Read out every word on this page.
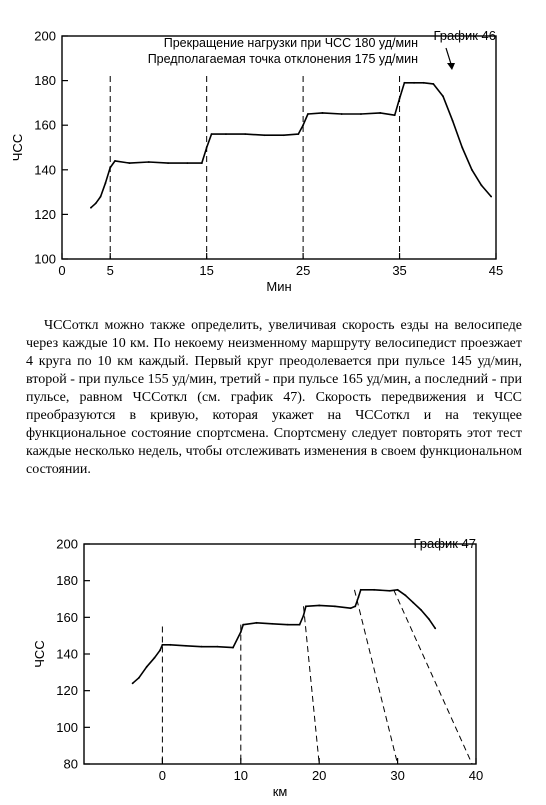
100
120
140
160
180
200
0	5	15	25	35	45
Мин
ЧСС
График 46
Прекращение нагрузки при ЧСС 180 уд/мин
Предполагаемая точка отклонения 175 уд/мин

ЧССоткл можно также определить, увеличивая скорость езды на велосипеде через каждые 10 км. По некоему неизменному маршруту велосипедист проезжает 4 круга по 10 км каждый. Первый круг преодолевается при пульсе 145 уд/мин, второй - при пульсе 155 уд/мин, третий - при пульсе 165 уд/мин, а последний - при пульсе, равном ЧССоткл (см. график 47). Скорость передвижения и ЧСС преобразуются в кривую, которая укажет на ЧССоткл и на текущее функциональное состояние спортсмена. Спортсмену следует повторять этот тест каждые несколько недель, чтобы отслеживать изменения в своем функциональном состоянии.

80
100
120
140
160
180
200
0	10	20	30	40
км
ЧСС
График 47
